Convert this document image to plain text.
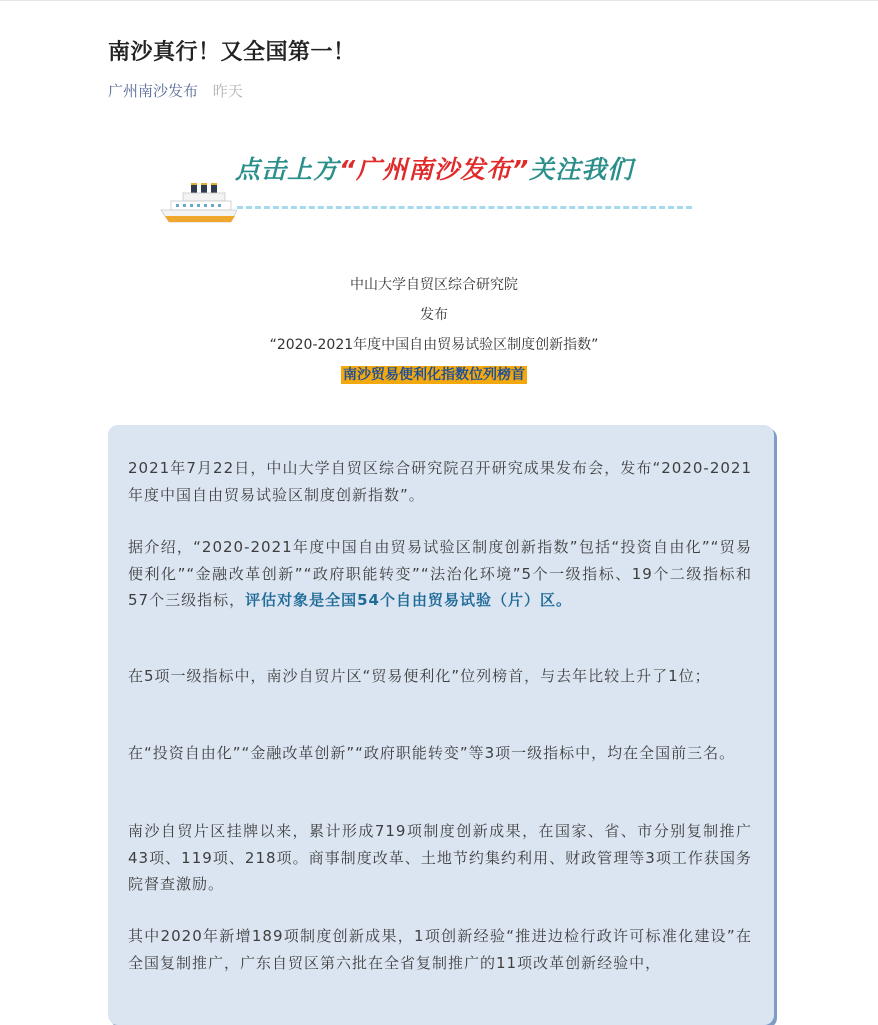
南沙真行！又全国第一！
广州南沙发布 昨天
点击上方“广州南沙发布”关注我们
中山大学自贸区综合研究院
发布
“2020-2021年度中国自由贸易试验区制度创新指数”
南沙贸易便利化指数位列榜首

2021年7月22日，中山大学自贸区综合研究院召开研究成果发布会，发布“2020-2021年度中国自由贸易试验区制度创新指数”。

据介绍，“2020-2021年度中国自由贸易试验区制度创新指数”包括“投资自由化”“贸易便利化”“金融改革创新”“政府职能转变”“法治化环境”5个一级指标、19个二级指标和57个三级指标，评估对象是全国54个自由贸易试验（片）区。

在5项一级指标中，南沙自贸片区“贸易便利化”位列榜首，与去年比较上升了1位；

在“投资自由化”“金融改革创新”“政府职能转变”等3项一级指标中，均在全国前三名。

南沙自贸片区挂牌以来，累计形成719项制度创新成果，在国家、省、市分别复制推广43项、119项、218项。商事制度改革、土地节约集约利用、财政管理等3项工作获国务院督查激励。

其中2020年新增189项制度创新成果，1项创新经验“推进边检行政许可标准化建设”在全国复制推广，广东自贸区第六批在全省复制推广的11项改革创新经验中，
